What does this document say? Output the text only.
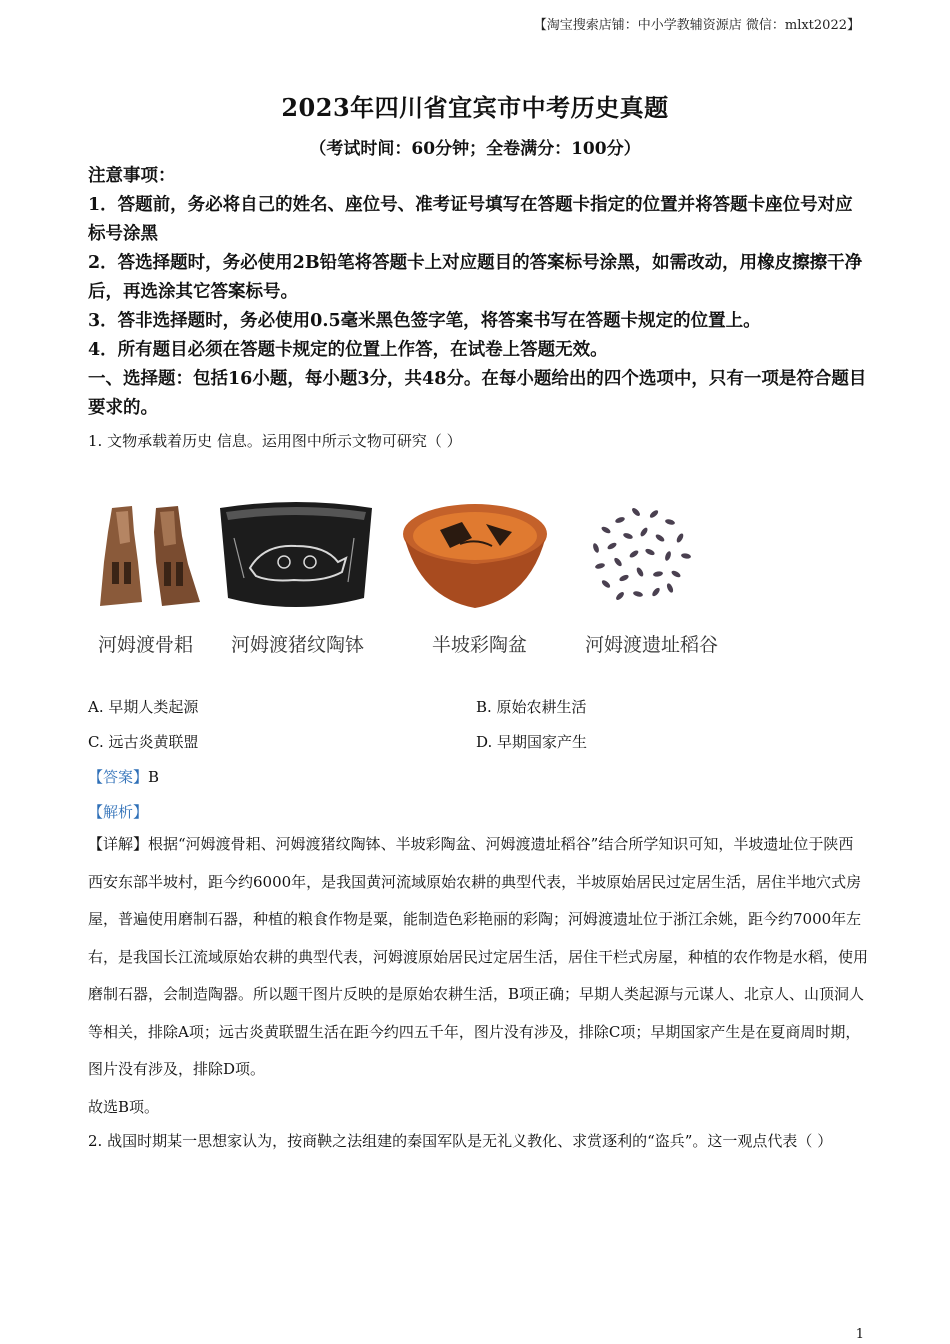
【淘宝搜索店铺：中小学教辅资源店 微信：mlxt2022】
2023年四川省宜宾市中考历史真题
（考试时间：60分钟；全卷满分：100分）
注意事项：
1．答题前，务必将自己的姓名、座位号、准考证号填写在答题卡指定的位置并将答题卡座位号对应标号涂黑
2．答选择题时，务必使用2B铅笔将答题卡上对应题目的答案标号涂黑，如需改动，用橡皮擦擦干净后，再选涂其它答案标号。
3．答非选择题时，务必使用0.5毫米黑色签字笔，将答案书写在答题卡规定的位置上。
4．所有题目必须在答题卡规定的位置上作答，在试卷上答题无效。
一、选择题：包括16小题，每小题3分，共48分。在每小题给出的四个选项中，只有一项是符合题目要求的。
1. 文物承载着历史 信息。运用图中所示文物可研究（ ）
河姆渡骨耜 河姆渡猪纹陶钵	半坡彩陶盆	河姆渡遗址稻谷
A. 早期人类起源	B. 原始农耕生活
C. 远古炎黄联盟	D. 早期国家产生
【答案】B
【解析】
【详解】根据“河姆渡骨耜、河姆渡猪纹陶钵、半坡彩陶盆、河姆渡遗址稻谷”结合所学知识可知，半坡遗址位于陕西西安东部半坡村，距今约6000年，是我国黄河流域原始农耕的典型代表，半坡原始居民过定居生活，居住半地穴式房屋，普遍使用磨制石器，种植的粮食作物是粟，能制造色彩艳丽的彩陶；河姆渡遗址位于浙江余姚，距今约7000年左右，是我国长江流域原始农耕的典型代表，河姆渡原始居民过定居生活，居住干栏式房屋，种植的农作物是水稻，使用磨制石器，会制造陶器。所以题干图片反映的是原始农耕生活，B项正确；早期人类起源与元谋人、北京人、山顶洞人等相关，排除A项；远古炎黄联盟生活在距今约四五千年，图片没有涉及，排除C项；早期国家产生是在夏商周时期，图片没有涉及，排除D项。
故选B项。
2. 战国时期某一思想家认为，按商鞅之法组建的秦国军队是无礼义教化、求赏逐利的“盗兵”。这一观点代表（ ）
1
